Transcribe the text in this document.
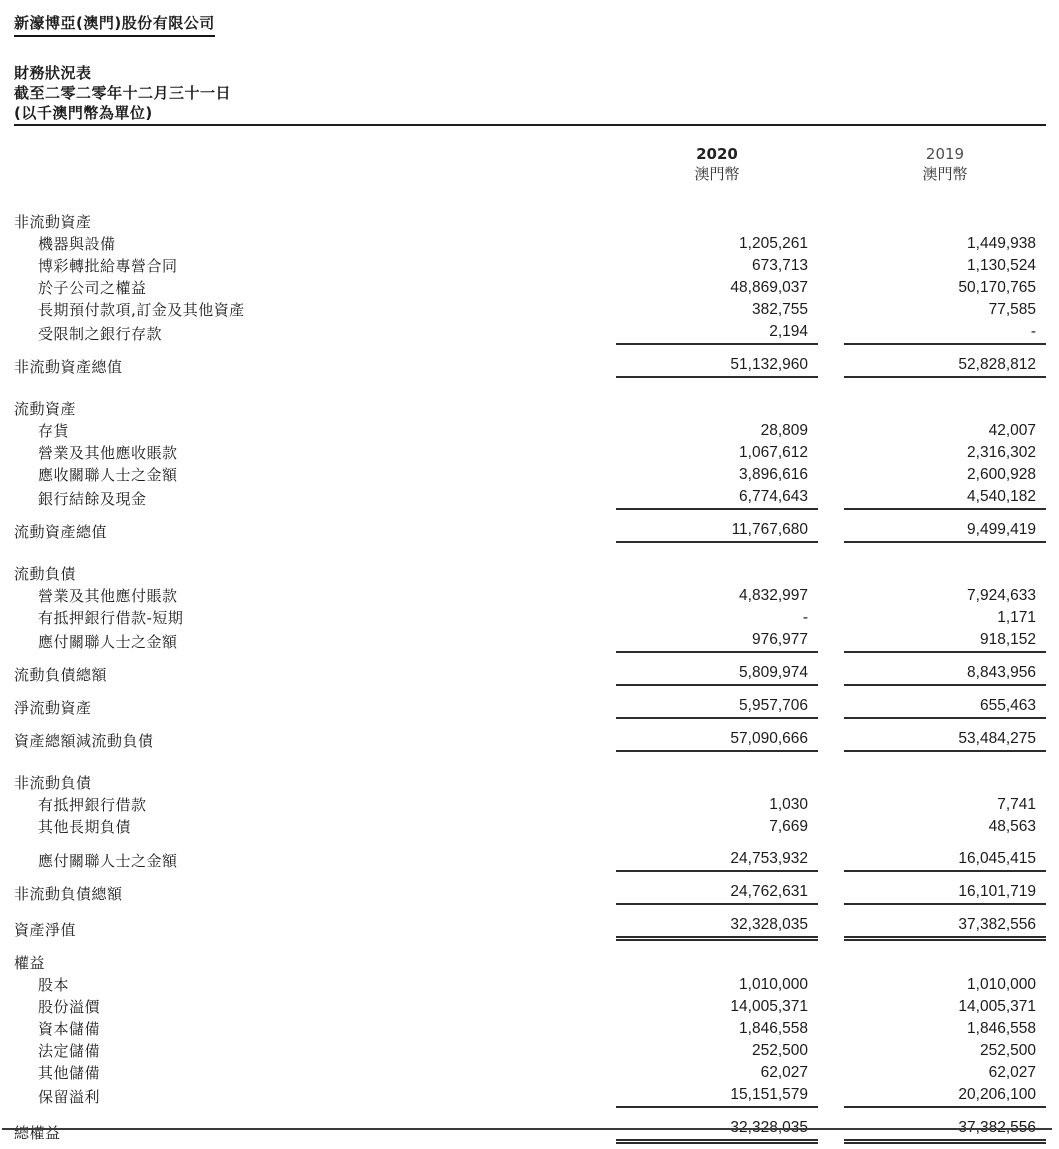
新濠博亞(澳門)股份有限公司
財務狀況表
截至二零二零年十二月三十一日
(以千澳門幣為單位)
2020
澳門幣
2019
澳門幣
非流動資產
機器與設備	1,205,261	1,449,938
博彩轉批給專營合同	673,713	1,130,524
於子公司之權益	48,869,037	50,170,765
長期預付款項,訂金及其他資產	382,755	77,585
受限制之銀行存款	2,194	-
非流動資產總值	51,132,960	52,828,812
流動資產
存貨	28,809	42,007
營業及其他應收賬款	1,067,612	2,316,302
應收關聯人士之金額	3,896,616	2,600,928
銀行結餘及現金	6,774,643	4,540,182
流動資產總值	11,767,680	9,499,419
流動負債
營業及其他應付賬款	4,832,997	7,924,633
有抵押銀行借款-短期	-	1,171
應付關聯人士之金額	976,977	918,152
流動負債總額	5,809,974	8,843,956
淨流動資產	5,957,706	655,463
資產總額減流動負債	57,090,666	53,484,275
非流動負債
有抵押銀行借款	1,030	7,741
其他長期負債	7,669	48,563
應付關聯人士之金額	24,753,932	16,045,415
非流動負債總額	24,762,631	16,101,719
資產淨值	32,328,035	37,382,556
權益
股本	1,010,000	1,010,000
股份溢價	14,005,371	14,005,371
資本儲備	1,846,558	1,846,558
法定儲備	252,500	252,500
其他儲備	62,027	62,027
保留溢利	15,151,579	20,206,100
總權益	32,328,035	37,382,556
